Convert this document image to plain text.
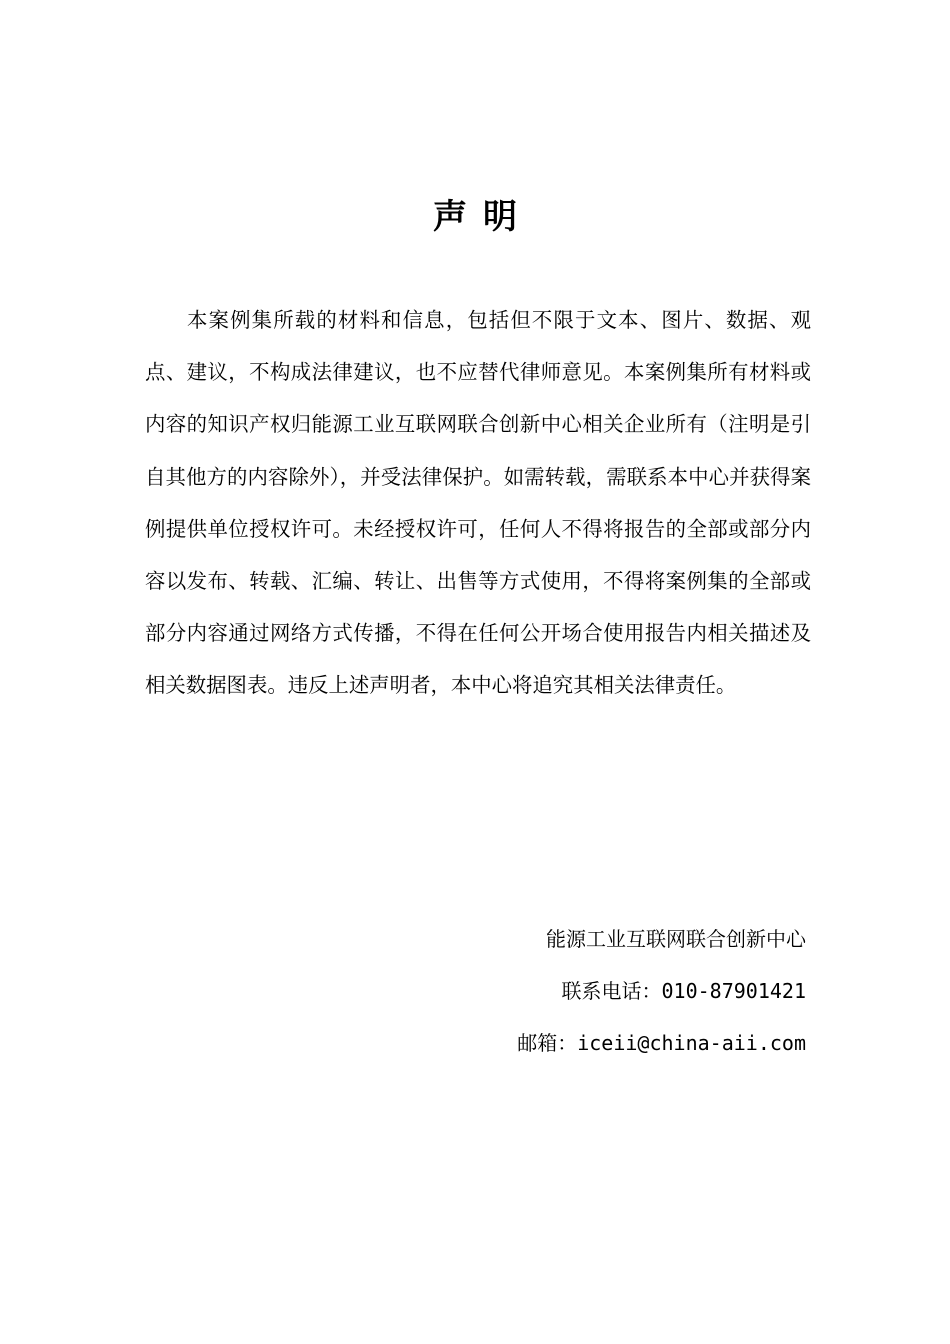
声明

本案例集所载的材料和信息，包括但不限于文本、图片、数据、观点、建议，不构成法律建议，也不应替代律师意见。本案例集所有材料或内容的知识产权归能源工业互联网联合创新中心相关企业所有（注明是引自其他方的内容除外），并受法律保护。如需转载，需联系本中心并获得案例提供单位授权许可。未经授权许可，任何人不得将报告的全部或部分内容以发布、转载、汇编、转让、出售等方式使用，不得将案例集的全部或部分内容通过网络方式传播，不得在任何公开场合使用报告内相关描述及相关数据图表。违反上述声明者，本中心将追究其相关法律责任。

能源工业互联网联合创新中心
联系电话：010-87901421
邮箱：iceii@china-aii.com
